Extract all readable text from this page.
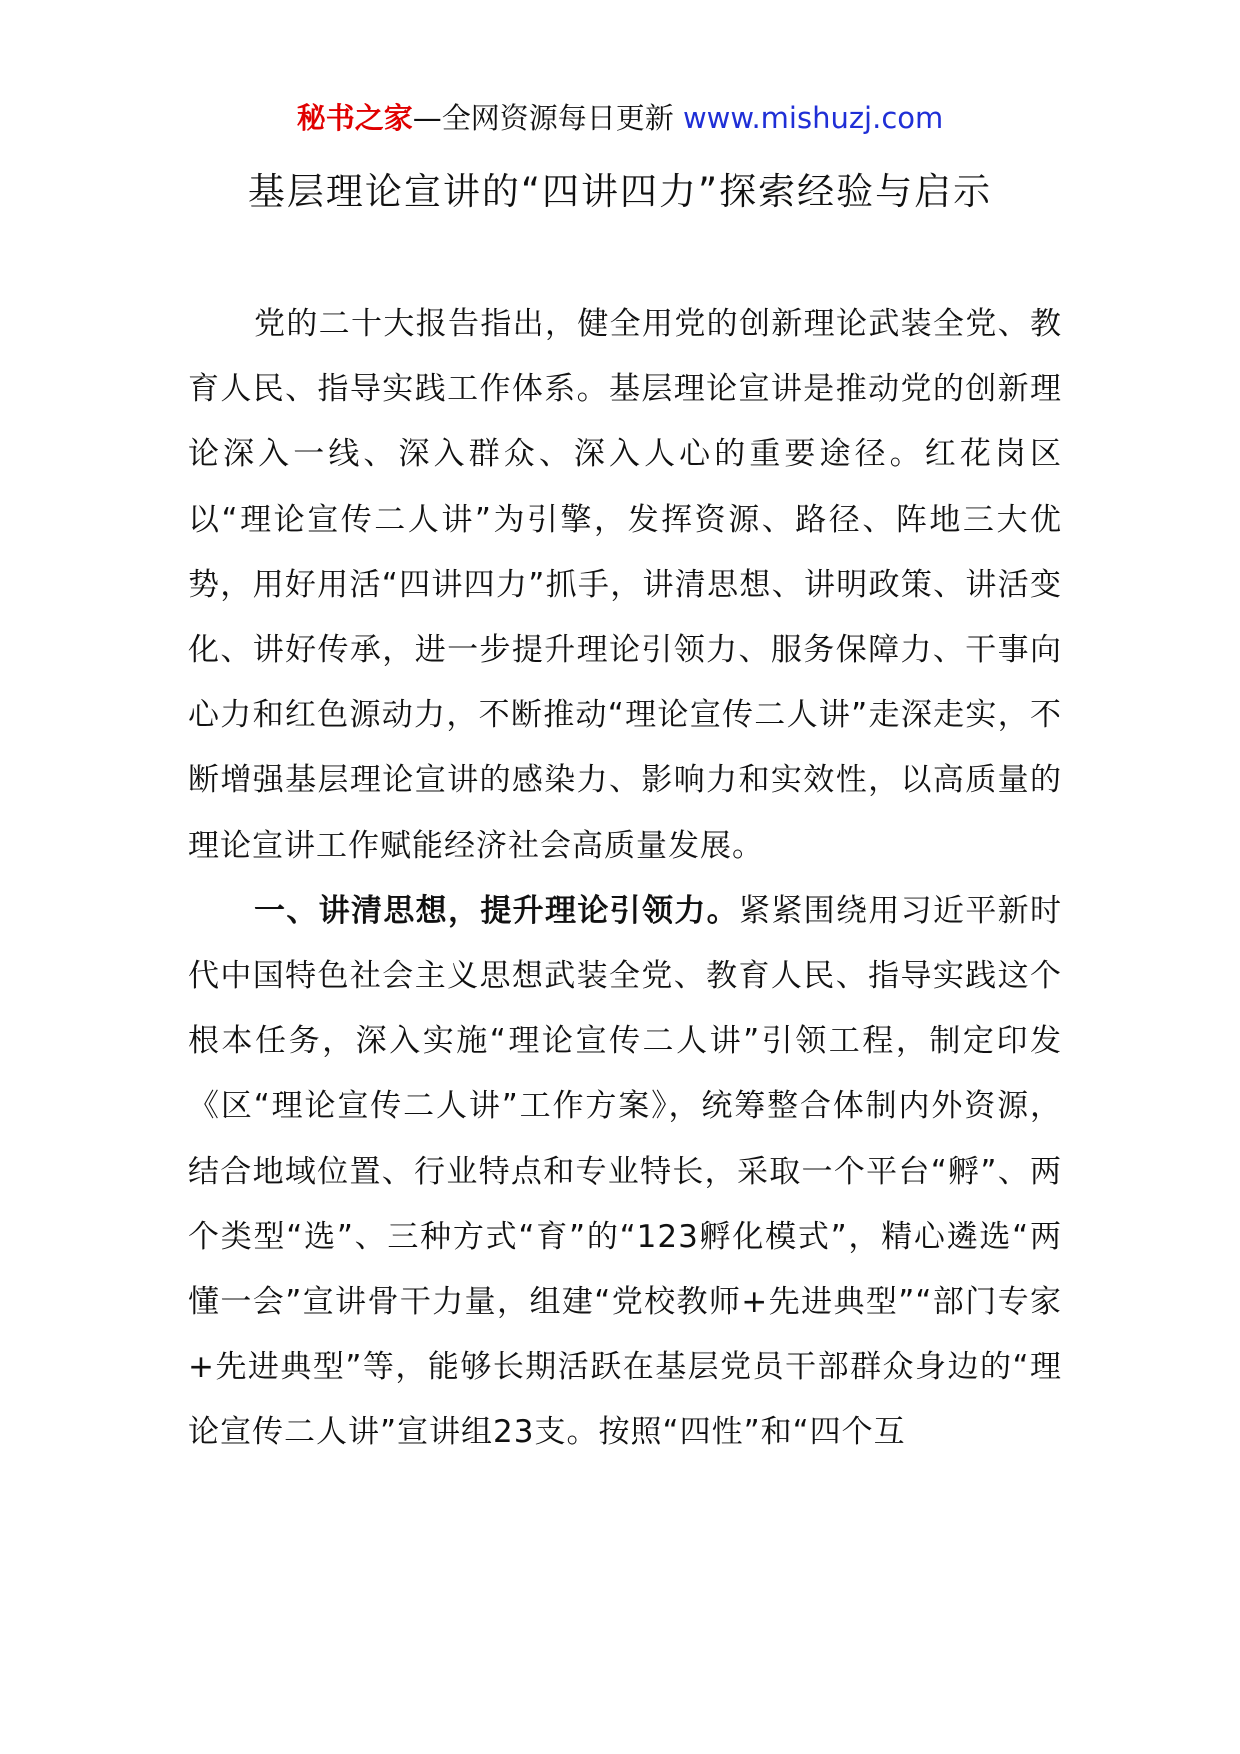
秘书之家—全网资源每日更新 www.mishuzj.com
基层理论宣讲的“四讲四力”探索经验与启示

党的二十大报告指出，健全用党的创新理论武装全党、教育人民、指导实践工作体系。基层理论宣讲是推动党的创新理论深入一线、深入群众、深入人心的重要途径。红花岗区以“理论宣传二人讲”为引擎，发挥资源、路径、阵地三大优势，用好用活“四讲四力”抓手，讲清思想、讲明政策、讲活变化、讲好传承，进一步提升理论引领力、服务保障力、干事向心力和红色源动力，不断推动“理论宣传二人讲”走深走实，不断增强基层理论宣讲的感染力、影响力和实效性，以高质量的理论宣讲工作赋能经济社会高质量发展。

一、讲清思想，提升理论引领力。紧紧围绕用习近平新时代中国特色社会主义思想武装全党、教育人民、指导实践这个根本任务，深入实施“理论宣传二人讲”引领工程，制定印发《区“理论宣传二人讲”工作方案》，统筹整合体制内外资源，结合地域位置、行业特点和专业特长，采取一个平台“孵”、两个类型“选”、三种方式“育”的“123孵化模式”，精心遴选“两懂一会”宣讲骨干力量，组建“党校教师+先进典型”“部门专家+先进典型”等，能够长期活跃在基层党员干部群众身边的“理论宣传二人讲”宣讲组23支。按照“四性”和“四个互
